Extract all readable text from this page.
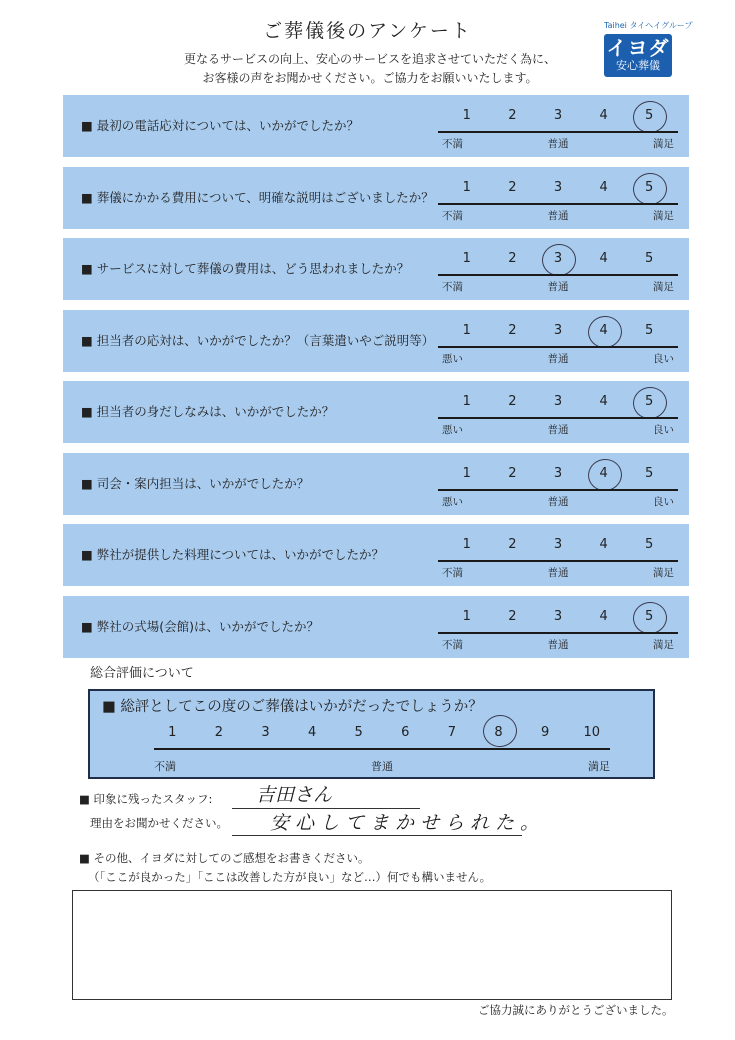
ご葬儀後のアンケート
更なるサービスの向上、安心のサービスを追求させていただく為に、
お客様の声をお聞かせください。ご協力をお願いいたします。
Taihei タイヘイグループ
イヨダ
安心葬儀
■ 最初の電話応対については、いかがでしたか？
1	2	3	4	5
不満	普通	満足
■ 葬儀にかかる費用について、明確な説明はございましたか？
1	2	3	4	5
不満	普通	満足
■ サービスに対して葬儀の費用は、どう思われましたか？
1	2	3	4	5
不満	普通	満足
■ 担当者の応対は、いかがでしたか？（言葉遣いやご説明等）
1	2	3	4	5
悪い	普通	良い
■ 担当者の身だしなみは、いかがでしたか？
1	2	3	4	5
悪い	普通	良い
■ 司会・案内担当は、いかがでしたか？
1	2	3	4	5
悪い	普通	良い
■ 弊社が提供した料理については、いかがでしたか？
1	2	3	4	5
不満	普通	満足
■ 弊社の式場(会館)は、いかがでしたか？
1	2	3	4	5
不満	普通	満足
総合評価について
■ 総評としてこの度のご葬儀はいかがだったでしょうか？
不満	普通	満足
1	2	3	4	5	6	7	8	9	10
■ 印象に残ったスタッフ: 吉田さん
理由をお聞かせください。 安心してまかせられた。
■ その他、イヨダに対してのご感想をお書きください。
（「ここが良かった」「ここは改善した方が良い」など…）何でも構いません。
ご協力誠にありがとうございました。
